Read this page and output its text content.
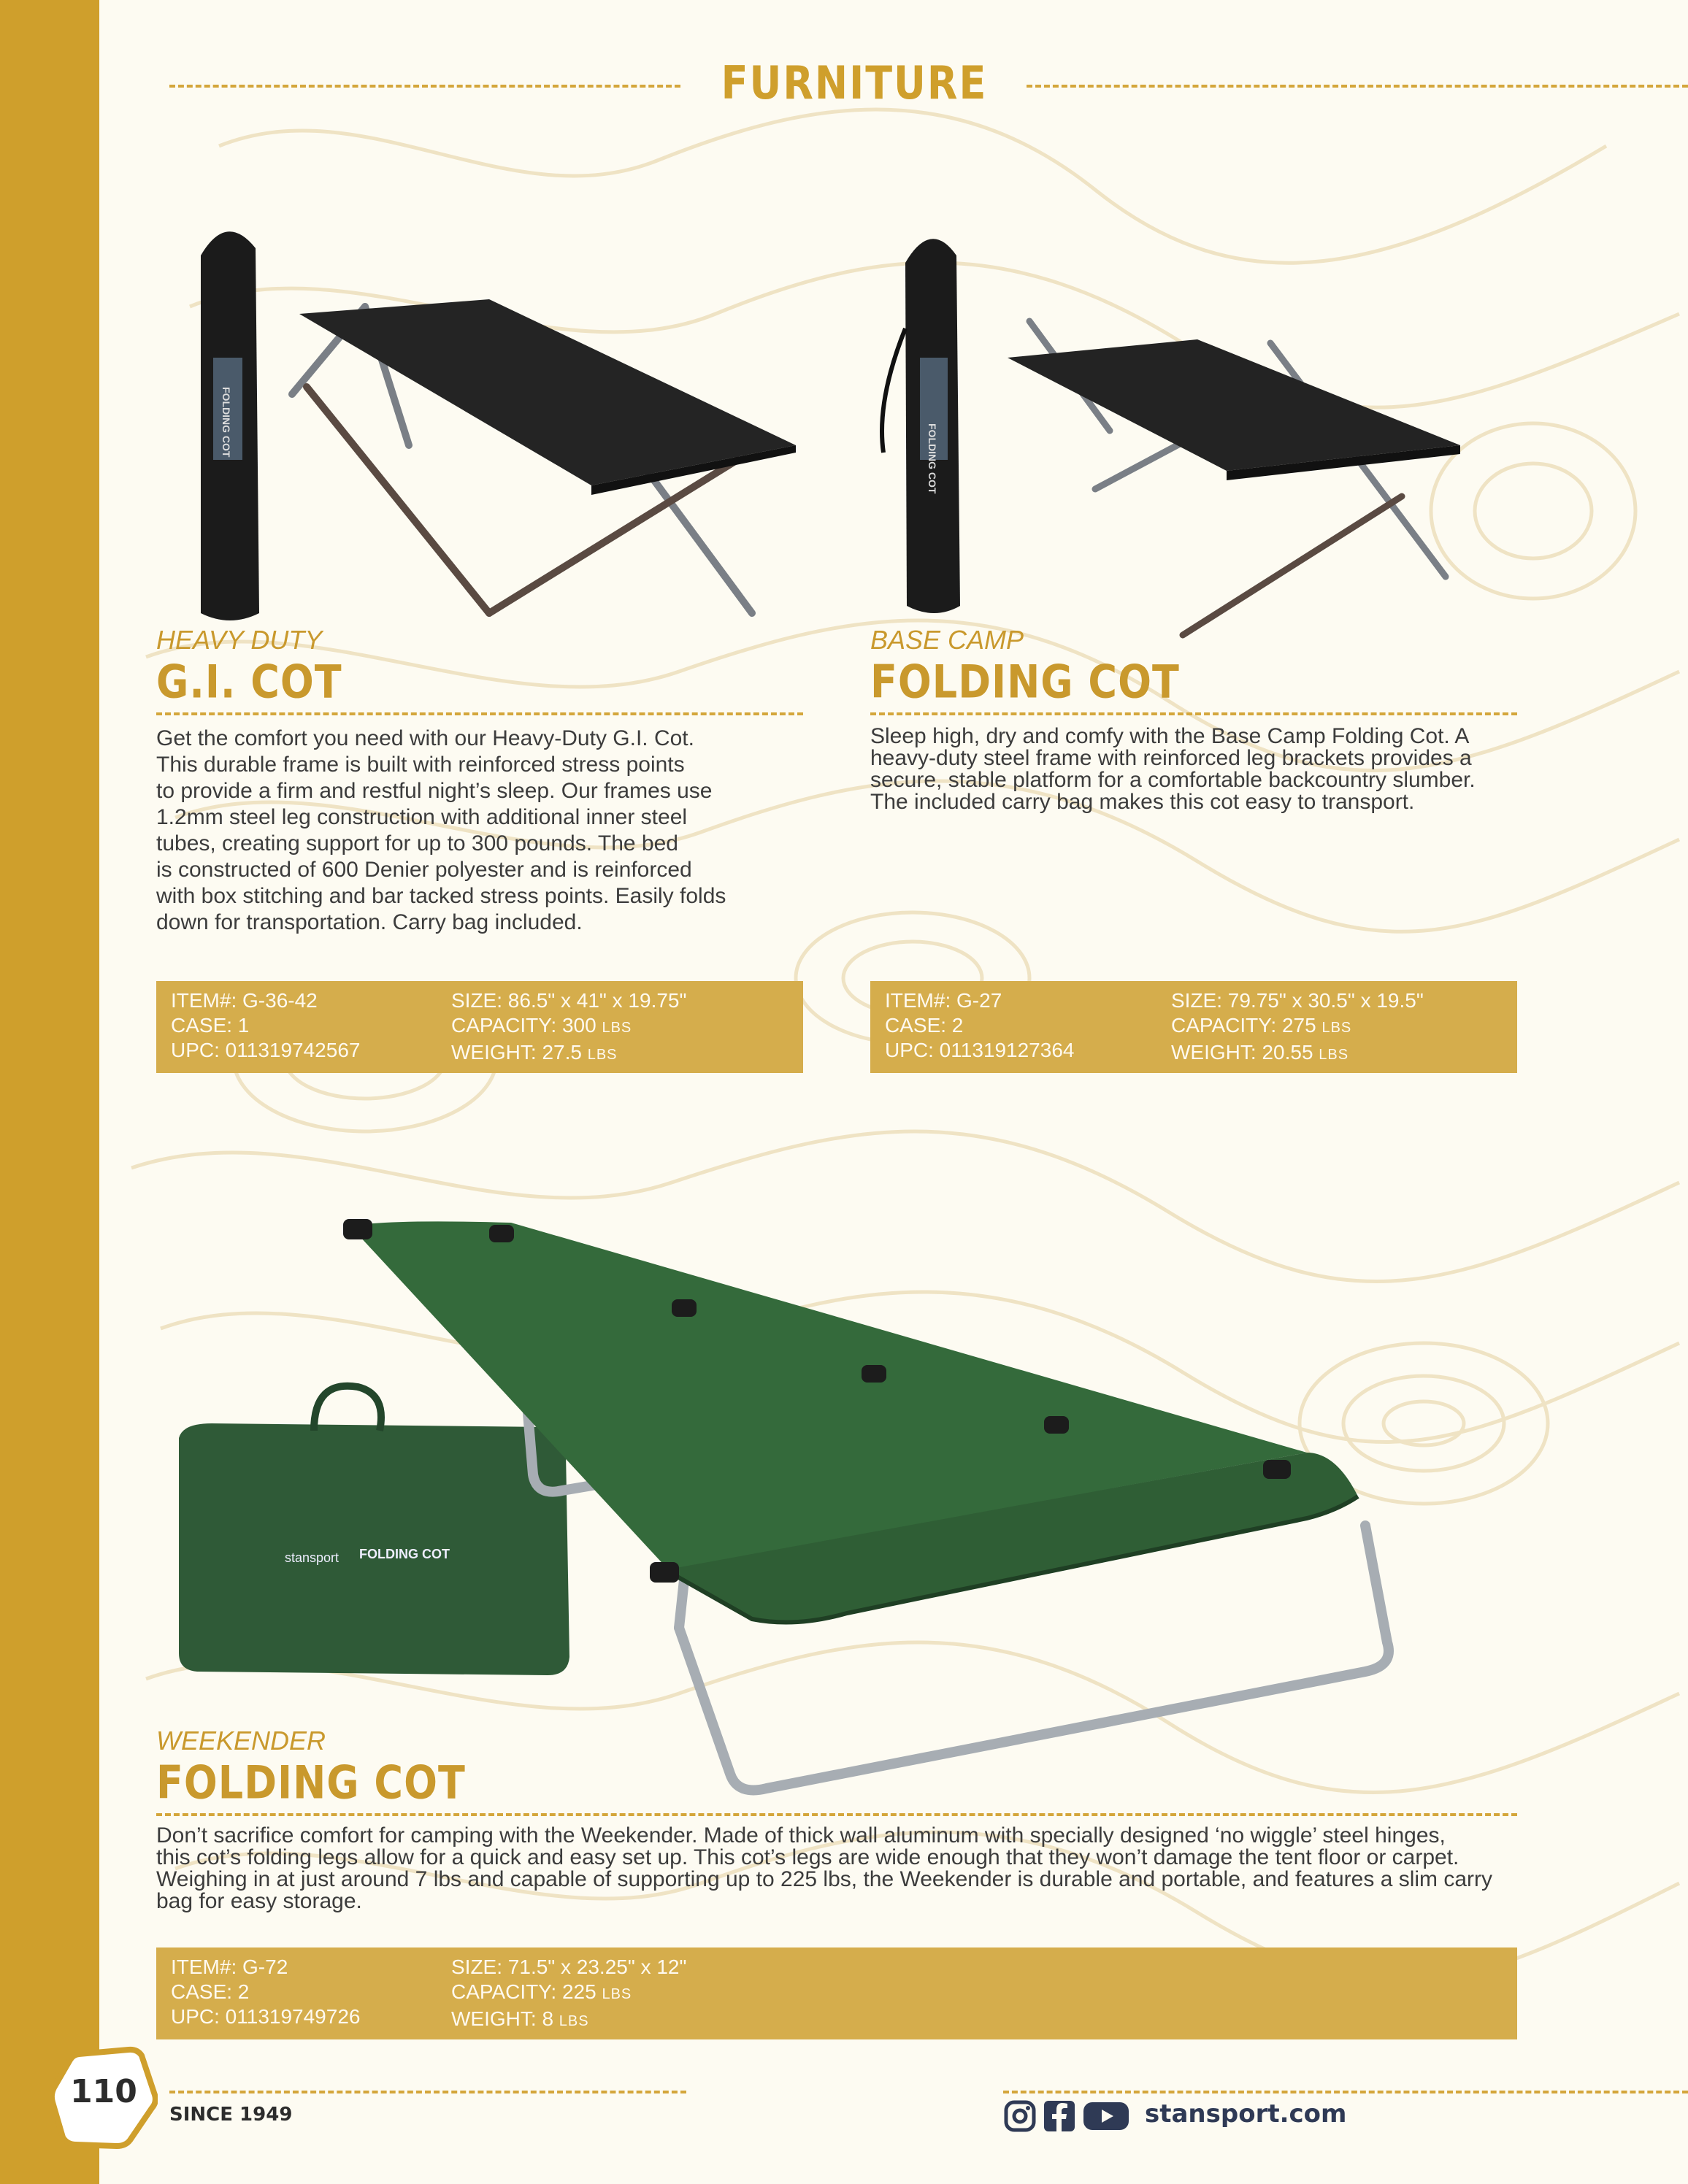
FURNITURE
FOLDING COT
FOLDING COT
HEAVY DUTY
G.I. COT
Get the comfort you need with our Heavy-Duty G.I. Cot.
This durable frame is built with reinforced stress points
to provide a firm and restful night’s sleep. Our frames use
1.2mm steel leg construction with additional inner steel
tubes, creating support for up to 300 pounds. The bed
is constructed of 600 Denier polyester and is reinforced
with box stitching and bar tacked stress points. Easily folds
down for transportation. Carry bag included.
ITEM#: G-36-42
CASE: 1
UPC: 011319742567
SIZE: 86.5" x 41" x 19.75"
CAPACITY: 300 LBS
WEIGHT: 27.5 LBS
BASE CAMP
FOLDING COT
Sleep high, dry and comfy with the Base Camp Folding Cot. A
heavy-duty steel frame with reinforced leg brackets provides a
secure, stable platform for a comfortable backcountry slumber.
The included carry bag makes this cot easy to transport.
ITEM#: G-27
CASE: 2
UPC: 011319127364
SIZE: 79.75" x 30.5" x 19.5"
CAPACITY: 275 LBS
WEIGHT: 20.55 LBS
stansport FOLDING COT
WEEKENDER
FOLDING COT
Don’t sacrifice comfort for camping with the Weekender. Made of thick wall aluminum with specially designed ‘no wiggle’ steel hinges,
this cot’s folding legs allow for a quick and easy set up. This cot’s legs are wide enough that they won’t damage the tent floor or carpet.
Weighing in at just around 7 lbs and capable of supporting up to 225 lbs, the Weekender is durable and portable, and features a slim carry
bag for easy storage.
ITEM#: G-72
CASE: 2
UPC: 011319749726
SIZE: 71.5" x 23.25" x 12"
CAPACITY: 225 LBS
WEIGHT: 8 LBS
110
SINCE 1949	stansport.com
